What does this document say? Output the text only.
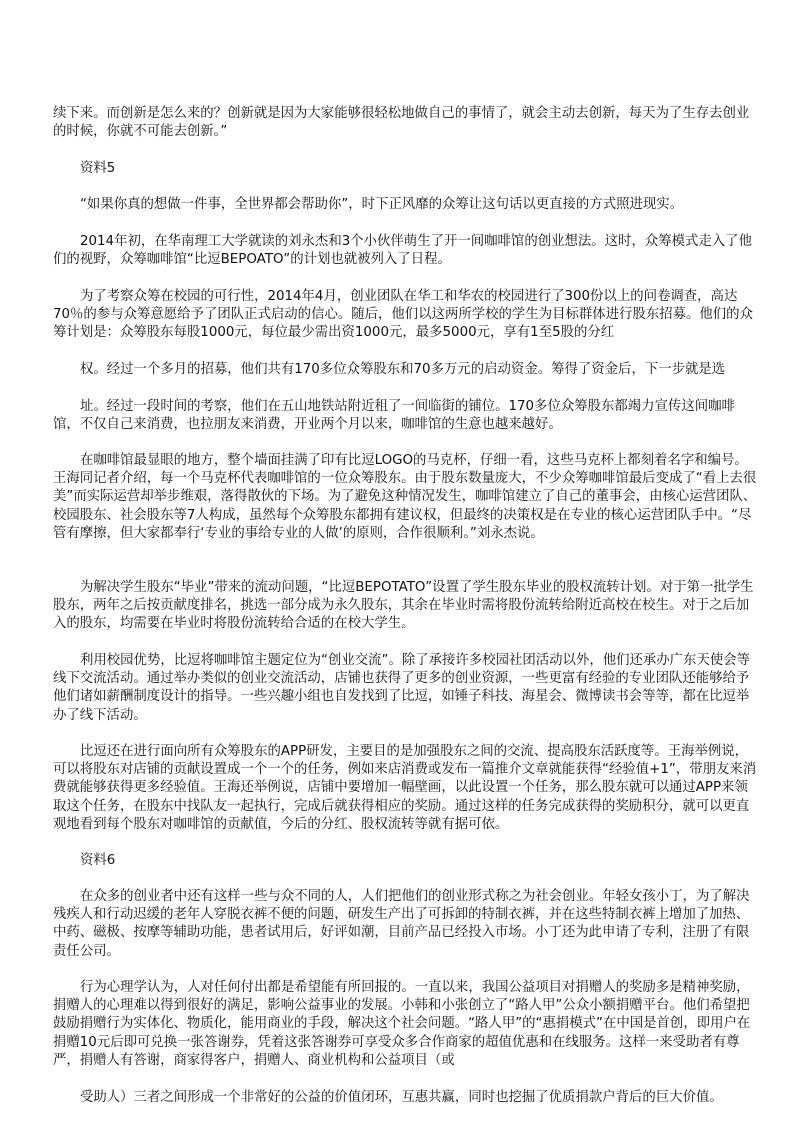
续下来。而创新是怎么来的？创新就是因为大家能够很轻松地做自己的事情了，就会主动去创新，每天为了生存去创业的时候，你就不可能去创新。”

资料5

“如果你真的想做一件事，全世界都会帮助你”，时下正风靡的众筹让这句话以更直接的方式照进现实。

2014年初，在华南理工大学就读的刘永杰和3个小伙伴萌生了开一间咖啡馆的创业想法。这时，众筹模式走入了他们的视野，众筹咖啡馆“比逗BEPOATO”的计划也就被列入了日程。

为了考察众筹在校园的可行性，2014年4月，创业团队在华工和华农的校园进行了300份以上的问卷调查，高达70％的参与众筹意愿给予了团队正式启动的信心。随后，他们以这两所学校的学生为目标群体进行股东招募。他们的众筹计划是：众筹股东每股1000元，每位最少需出资1000元，最多5000元，享有1至5股的分红

权。经过一个多月的招募，他们共有170多位众筹股东和70多万元的启动资金。筹得了资金后，下一步就是选

址。经过一段时间的考察，他们在五山地铁站附近租了一间临街的铺位。170多位众筹股东都竭力宣传这间咖啡馆，不仅自己来消费，也拉朋友来消费，开业两个月以来，咖啡馆的生意也越来越好。

在咖啡馆最显眼的地方，整个墙面挂满了印有比逗LOGO的马克杯，仔细一看，这些马克杯上都刻着名字和编号。王海同记者介绍，每一个马克杯代表咖啡馆的一位众筹股东。由于股东数量庞大，不少众筹咖啡馆最后变成了“看上去很美”而实际运营却举步维艰，落得散伙的下场。为了避免这种情况发生，咖啡馆建立了自己的董事会，由核心运营团队、校园股东、社会股东等7人构成，虽然每个众筹股东都拥有建议权，但最终的决策权是在专业的核心运营团队手中。“尽管有摩擦，但大家都奉行‘专业的事给专业的人做’的原则，合作很顺利。”刘永杰说。

为解决学生股东“毕业”带来的流动问题，“比逗BEPOTATO”设置了学生股东毕业的股权流转计划。对于第一批学生股东，两年之后按贡献度排名，挑选一部分成为永久股东，其余在毕业时需将股份流转给附近高校在校生。对于之后加入的股东，均需要在毕业时将股份流转给合适的在校大学生。

利用校园优势，比逗将咖啡馆主题定位为“创业交流”。除了承接许多校园社团活动以外，他们还承办广东天使会等线下交流活动。通过举办类似的创业交流活动，店铺也获得了更多的创业资源，一些更富有经验的专业团队还能够给予他们诸如薪酬制度设计的指导。一些兴趣小组也自发找到了比逗，如锤子科技、海星会、微博读书会等等，都在比逗举办了线下活动。

比逗还在进行面向所有众筹股东的APP研发，主要目的是加强股东之间的交流、提高股东活跃度等。王海举例说，可以将股东对店铺的贡献设置成一个一个的任务，例如来店消费或发布一篇推介文章就能获得“经验值+1”，带朋友来消费就能够获得更多经验值。王海还举例说，店铺中要增加一幅壁画，以此设置一个任务，那么股东就可以通过APP来领取这个任务，在股东中找队友一起执行，完成后就获得相应的奖励。通过这样的任务完成获得的奖励积分，就可以更直观地看到每个股东对咖啡馆的贡献值，今后的分红、股权流转等就有据可依。

资料6

在众多的创业者中还有这样一些与众不同的人，人们把他们的创业形式称之为社会创业。年轻女孩小丁，为了解决残疾人和行动迟缓的老年人穿脱衣裤不便的问题，研发生产出了可拆卸的特制衣裤，并在这些特制衣裤上增加了加热、中药、磁极、按摩等辅助功能，患者试用后，好评如潮，目前产品已经投入市场。小丁还为此申请了专利，注册了有限责任公司。

行为心理学认为，人对任何付出都是希望能有所回报的。一直以来，我国公益项目对捐赠人的奖励多是精神奖励，捐赠人的心理难以得到很好的满足，影响公益事业的发展。小韩和小张创立了“路人甲”公众小额捐赠平台。他们希望把鼓励捐赠行为实体化、物质化，能用商业的手段，解决这个社会问题。“路人甲”的“惠捐模式”在中国是首创，即用户在捐赠10元后即可兑换一张答谢券，凭着这张答谢券可享受众多合作商家的超值优惠和在线服务。这样一来受助者有尊严，捐赠人有答谢，商家得客户，捐赠人、商业机构和公益项目（或

受助人）三者之间形成一个非常好的公益的价值闭环，互惠共赢，同时也挖掘了优质捐款户背后的巨大价值。
